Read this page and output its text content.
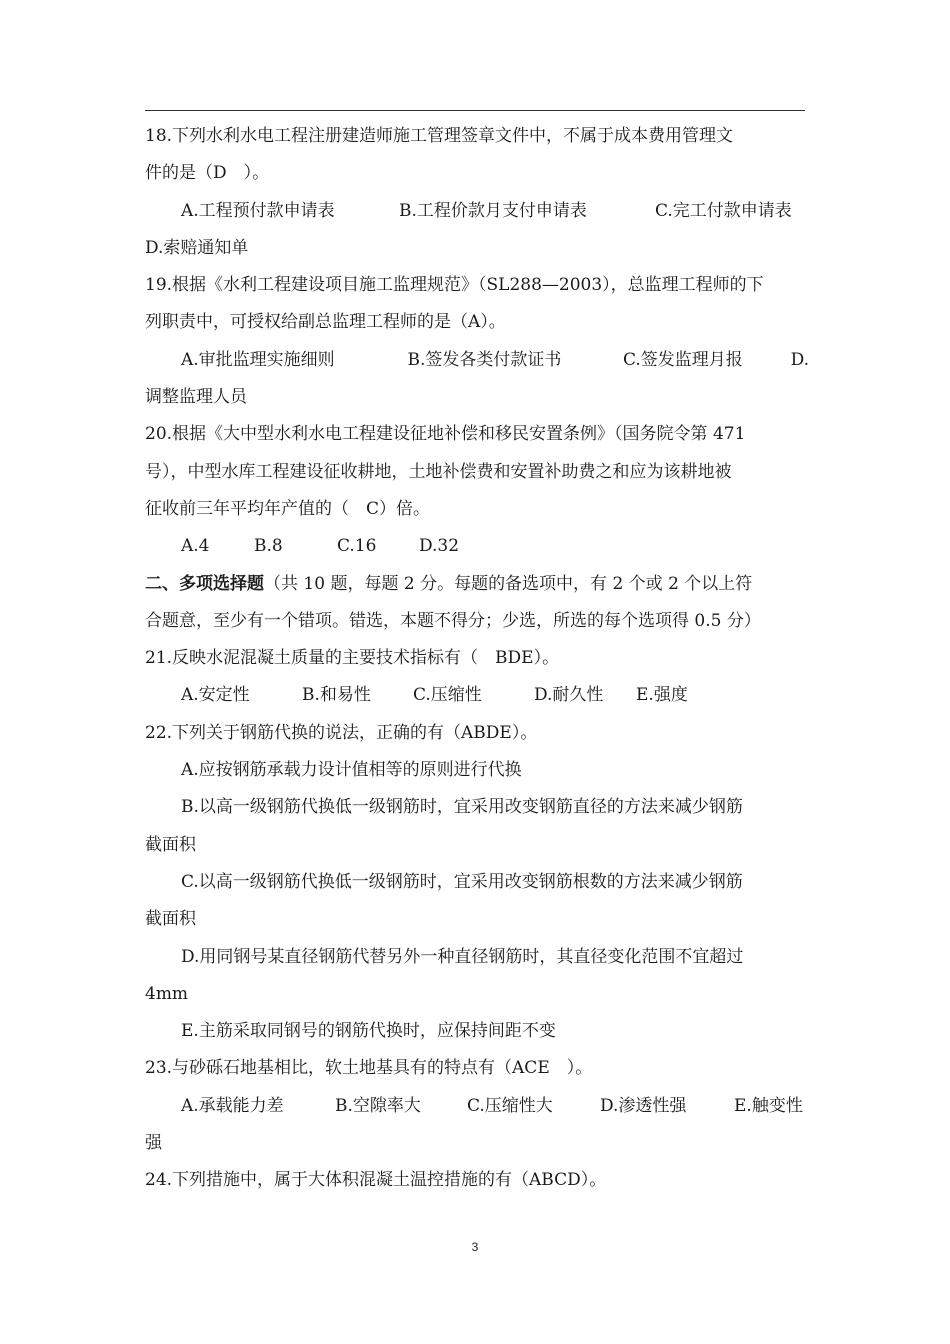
18.下列水利水电工程注册建造师施工管理签章文件中，不属于成本费用管理文
件的是（D　）。
A.工程预付款申请表	B.工程价款月支付申请表	C.完工付款申请表
D.索赔通知单
19.根据《水利工程建设项目施工监理规范》（SL288—2003），总监理工程师的下
列职责中，可授权给副总监理工程师的是（A）。
A.审批监理实施细则	B.签发各类付款证书	C.签发监理月报	D.
调整监理人员
20.根据《大中型水利水电工程建设征地补偿和移民安置条例》（国务院令第 471
号），中型水库工程建设征收耕地，土地补偿费和安置补助费之和应为该耕地被
征收前三年平均年产值的（　C）倍。
A.4	B.8	C.16	D.32
二、多项选择题（共 10 题，每题 2 分。每题的备选项中，有 2 个或 2 个以上符
合题意，至少有一个错项。错选，本题不得分；少选，所选的每个选项得 0.5 分）
21.反映水泥混凝土质量的主要技术指标有（　BDE）。
A.安定性	B.和易性	C.压缩性	D.耐久性	E.强度
22.下列关于钢筋代换的说法，正确的有（ABDE）。
A.应按钢筋承载力设计值相等的原则进行代换
B.以高一级钢筋代换低一级钢筋时，宜采用改变钢筋直径的方法来减少钢筋
截面积
C.以高一级钢筋代换低一级钢筋时，宜采用改变钢筋根数的方法来减少钢筋
截面积
D.用同钢号某直径钢筋代替另外一种直径钢筋时，其直径变化范围不宜超过
4mm
E.主筋采取同钢号的钢筋代换时，应保持间距不变
23.与砂砾石地基相比，软土地基具有的特点有（ACE　）。
A.承载能力差	B.空隙率大	C.压缩性大	D.渗透性强	E.触变性
强
24.下列措施中，属于大体积混凝土温控措施的有（ABCD）。
3
